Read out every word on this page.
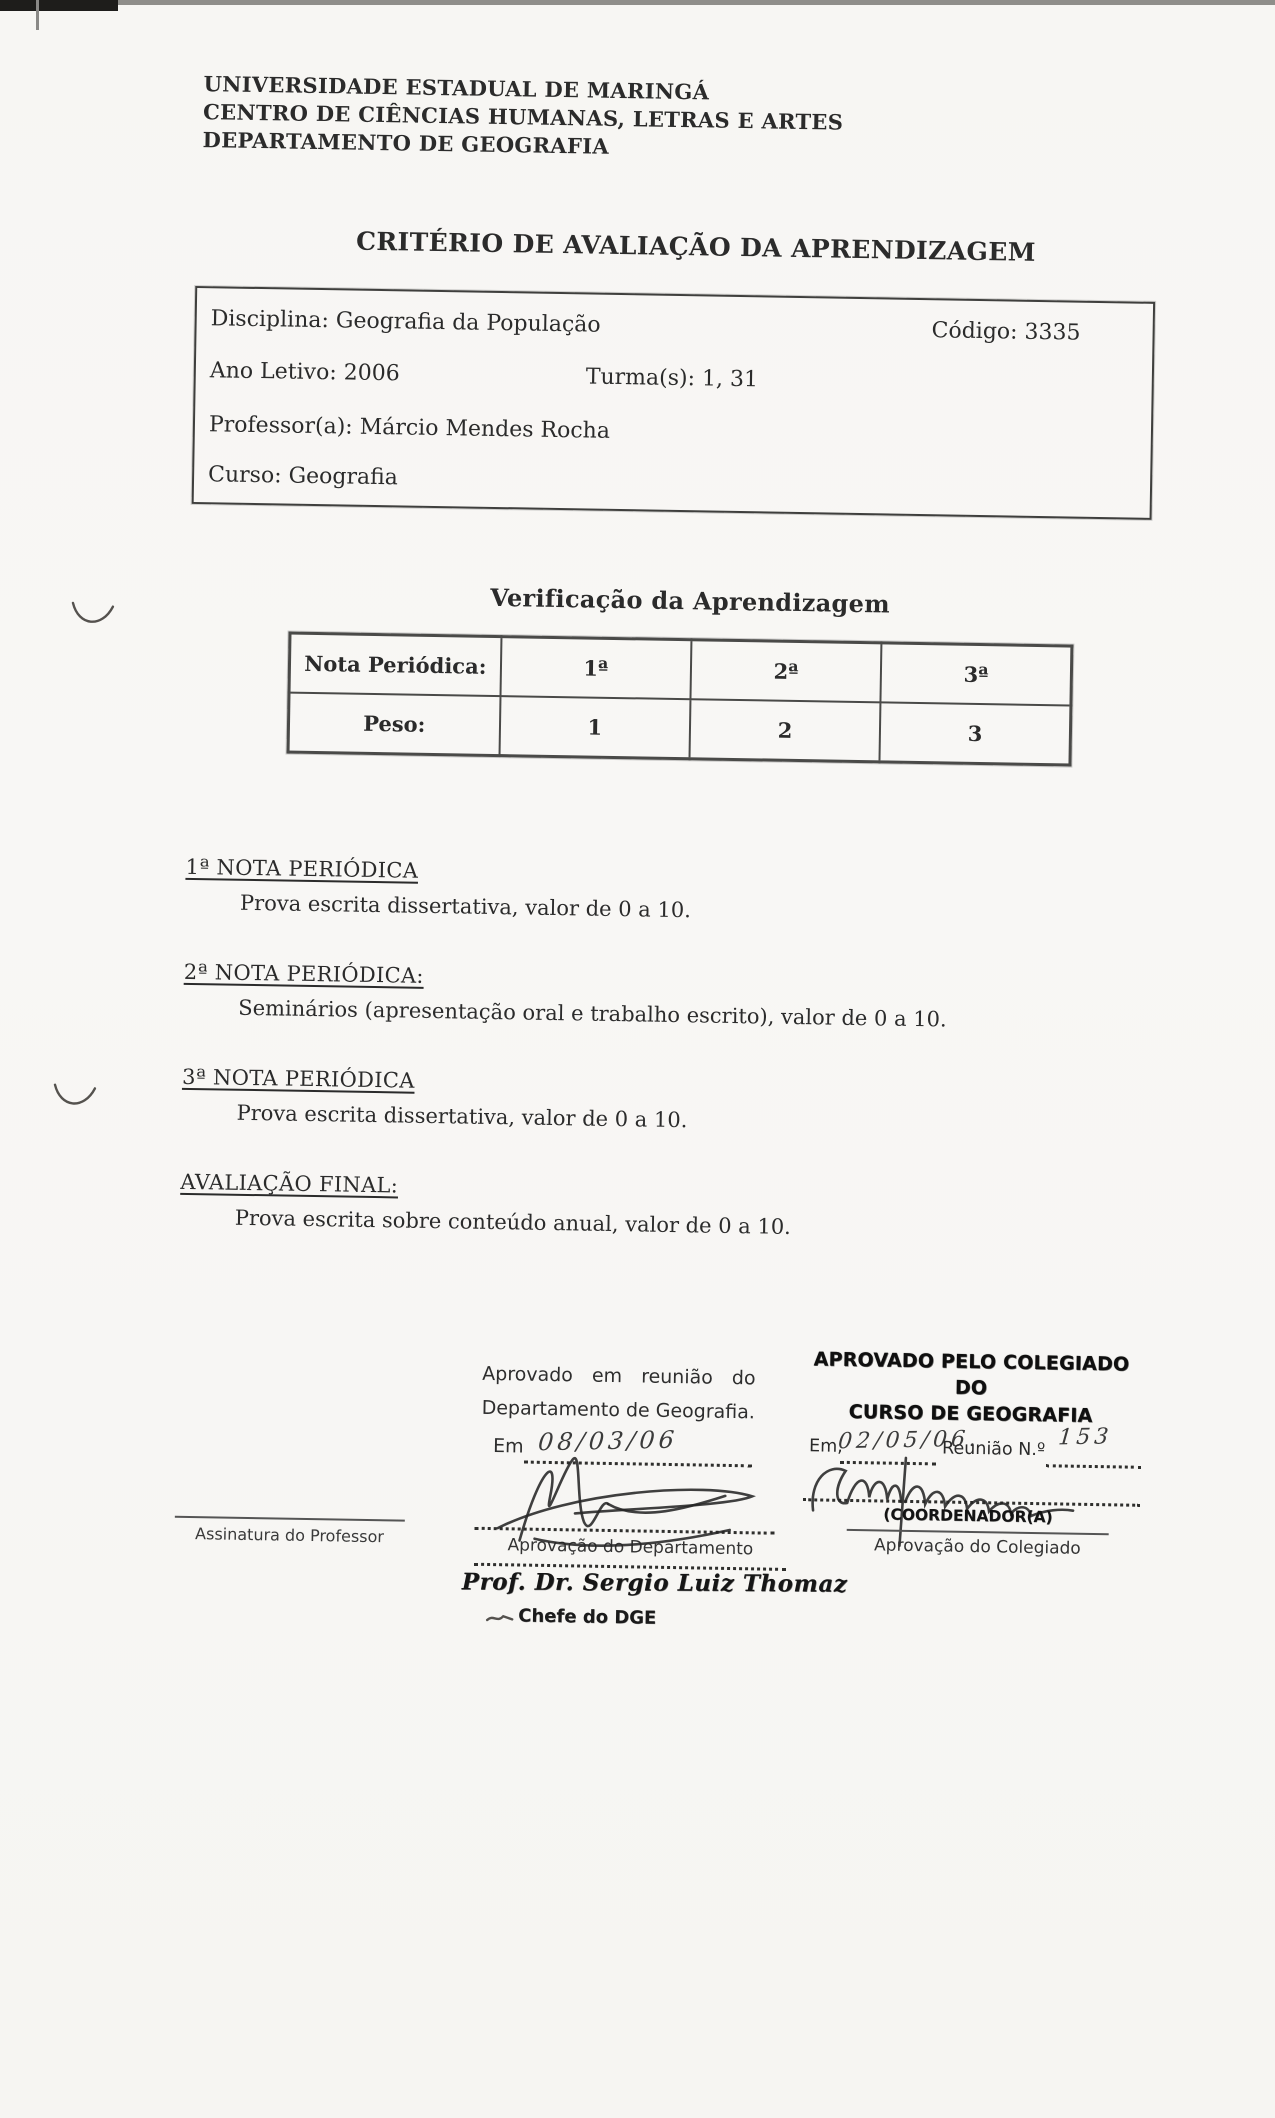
UNIVERSIDADE ESTADUAL DE MARINGÁ
CENTRO DE CIÊNCIAS HUMANAS, LETRAS E ARTES
DEPARTAMENTO DE GEOGRAFIA
CRITÉRIO DE AVALIAÇÃO DA APRENDIZAGEM
Disciplina: Geografia da População	Código: 3335
Ano Letivo: 2006	Turma(s): 1, 31
Professor(a): Márcio Mendes Rocha
Curso: Geografia
Verificação da Aprendizagem
Nota Periódica:	1ª	2ª	3ª
Peso:	1	2	3
1ª NOTA PERIÓDICA
Prova escrita dissertativa, valor de 0 a 10.
2ª NOTA PERIÓDICA:
Seminários (apresentação oral e trabalho escrito), valor de 0 a 10.
3ª NOTA PERIÓDICA
Prova escrita dissertativa, valor de 0 a 10.
AVALIAÇÃO FINAL:
Prova escrita sobre conteúdo anual, valor de 0 a 10.
Assinatura do Professor
Aprovado em reunião do
Departamento de Geografia.
Em 08/03/06
Aprovação do Departamento
Prof. Dr. Sergio Luiz Thomaz
Chefe do DGE
APROVADO PELO COLEGIADO DO
CURSO DE GEOGRAFIA
Em,
02/05/06.
Reunião N.º 153
(COORDENADOR(A)
Aprovação do Colegiado
